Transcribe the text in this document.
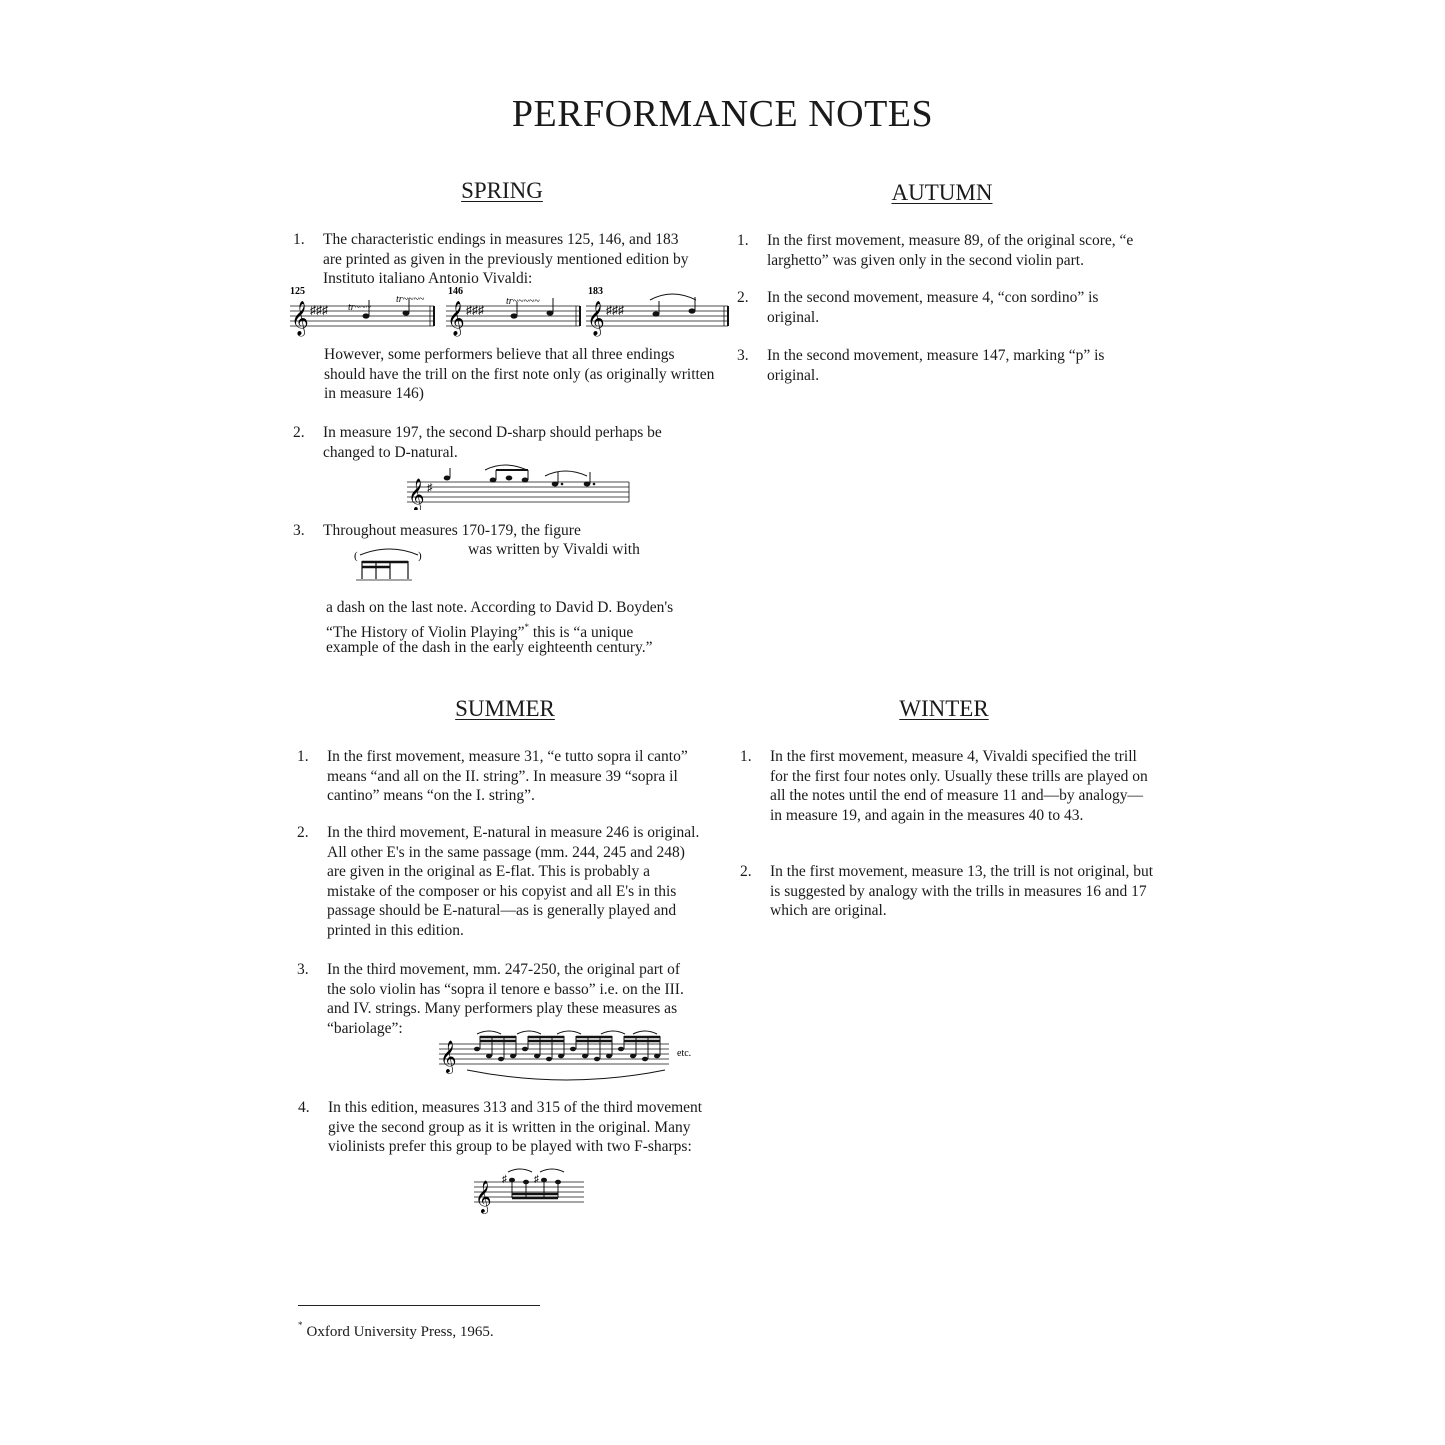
PERFORMANCE NOTES
SPRING
1. The characteristic endings in measures 125, 146, and 183 are printed as given in the previously mentioned edition by Instituto italiano Antonio Vivaldi:
125
𝄞 ♯♯♯ tr~~~
tr~~~~
146
𝄞 ♯♯♯
tr~~~~~
183
𝄞 ♯♯♯
However, some performers believe that all three endings should have the trill on the first note only (as originally written in measure 146)
2. In measure 197, the second D-sharp should perhaps be changed to D-natural.
𝄞 ♯
3. Throughout measures 170-179, the figure
(	)	was written by Vivaldi with
a dash on the last note. According to David D. Boyden's
“The History of Violin Playing”* this is “a unique
example of the dash in the early eighteenth century.”
AUTUMN
1. In the first movement, measure 89, of the original score, “e larghetto” was given only in the second violin part.
2. In the second movement, measure 4, “con sordino” is original.
3. In the second movement, measure 147, marking “p” is original.
SUMMER
1. In the first movement, measure 31, “e tutto sopra il canto” means “and all on the II. string”. In measure 39 “sopra il cantino” means “on the I. string”.
2. In the third movement, E-natural in measure 246 is original. All other E's in the same passage (mm. 244, 245 and 248) are given in the original as E-flat. This is probably a mistake of the composer or his copyist and all E's in this passage should be E-natural—as is generally played and printed in this edition.
3. In the third movement, mm. 247-250, the original part of the solo violin has “sopra il tenore e basso” i.e. on the III. and IV. strings. Many performers play these measures as “bariolage”:
𝄞	etc.
4. In this edition, measures 313 and 315 of the third movement give the second group as it is written in the original. Many violinists prefer this group to be played with two F-sharps:
𝄞
♯	♯
WINTER
1. In the first movement, measure 4, Vivaldi specified the trill for the first four notes only. Usually these trills are played on all the notes until the end of measure 11 and—by analogy—in measure 19, and again in the measures 40 to 43.
2. In the first movement, measure 13, the trill is not original, but is suggested by analogy with the trills in measures 16 and 17 which are original.
* Oxford University Press, 1965.
